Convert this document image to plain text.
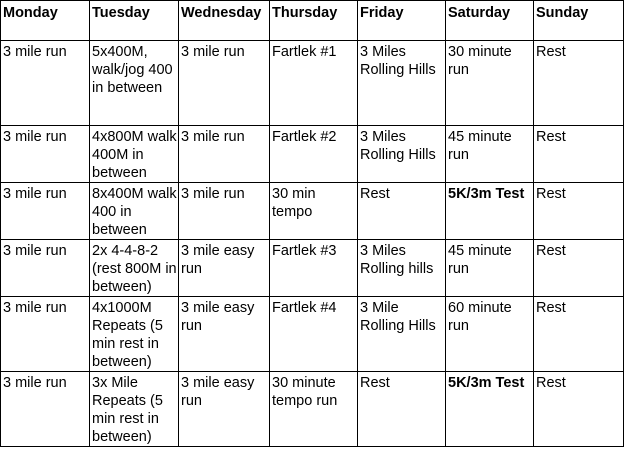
Monday	Tuesday	Wednesday	Thursday	Friday	Saturday	Sunday
3 mile run	5x400M, walk/jog 400 in between	3 mile run	Fartlek #1	3 Miles Rolling Hills	30 minute run	Rest
3 mile run	4x800M walk 400M in between	3 mile run	Fartlek #2	3 Miles Rolling Hills	45 minute run	Rest
3 mile run	8x400M walk 400 in between	3 mile run	30 min tempo	Rest	5K/3m Test	Rest
3 mile run	2x 4-4-8-2 (rest 800M in between)	3 mile easy run	Fartlek #3	3 Miles Rolling hills	45 minute run	Rest
3 mile run	4x1000M Repeats (5 min rest in between)	3 mile easy run	Fartlek #4	3 Mile Rolling Hills	60 minute run	Rest
3 mile run	3x Mile Repeats (5 min rest in between)	3 mile easy run	30 minute tempo run	Rest	5K/3m Test	Rest
